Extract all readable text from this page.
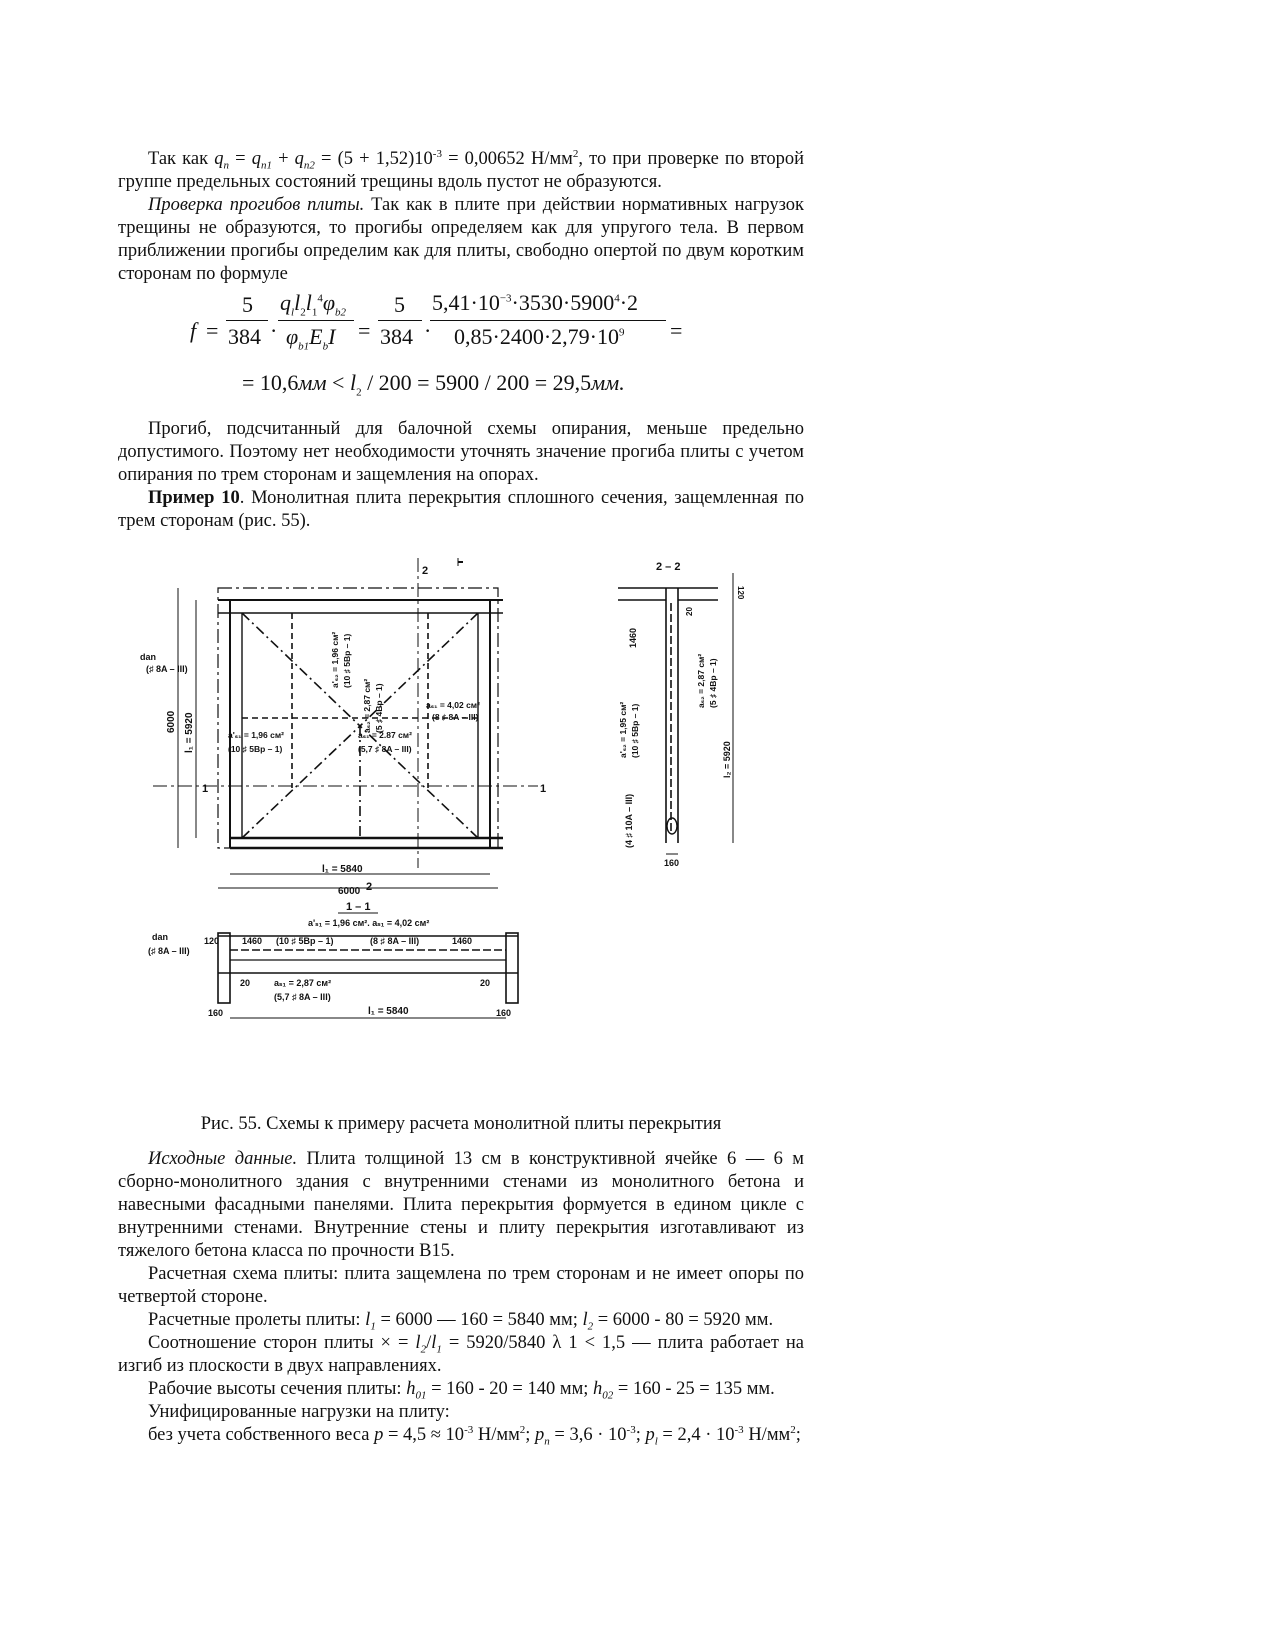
Так как $q_n = q_{n1} + q_{n2} = (5 + 1,52)10^{-3} = 0,00652$ $Н/мм^2$, то при проверке по второй группе предельных состояний трещины вдоль пустот не образуются.

Проверка прогибов плиты. Так как в плите при действии нормативных нагрузок трещины не образуются, то прогибы определяем как для упругого тела. В первом приближении прогибы определим как для плиты, свободно опертой по двум коротким сторонам по формуле

f =
5
384 ·
$q_ll_2l_1^4\varphi_{b2}$
$\varphi_{b1}E_bI$ =
5
384 ·
$5,41\cdot 10^{-3}\cdot 3530\cdot 5900^4\cdot 2$
$0,85\cdot 2400\cdot 2,79\cdot 10^9$ =
= $10,6мм < l_2 / 200 = 5900 / 200 = 29,5мм$.

Прогиб, подсчитанный для балочной схемы опирания, меньше предельно допустимого. Поэтому нет необходимости уточнять значение прогиба плиты с учетом опирания по трем сторонам и защемления на опорах.

Пример 10. Монолитная плита перекрытия сплошного сечения, защемленная по трем сторонам (рис. 55).

2
2
6000 l₁ = 5920
dan
(♯ 8A – III)	a'ₛ₂ = 1,96 см² (10 ♯ 5Bp – 1)
aₛ₂ = 2,87 см² (5 ♯ 4Bp – 1)	aₛ₁ = 4,02 см²
(8 ♯ 8A – III)
a'ₛ₁ = 1,96 см²
(10 ♯ 5Bp – 1)
aₛ₁ = 2.87 см²
(5,7 ♯ 8A – III)
1	1
l₁ = 5840
6000
1 – 1
a'ₛ₁ = 1,96 см². aₛ₁ = 4,02 см²
dan
(♯ 8A – III)
120	1460 (10 ♯ 5Bp – 1)	(8 ♯ 8A – III)	1460
20	20
aₛ₁ = 2,87 см²
(5,7 ♯ 8A – III)
l₁ = 5840
160	160
2 – 2
120
1460
20
a'ₛ₂ = 1,95 см² (10 ♯ 5Bp – 1)
aₛ₂ = 2,87 см² (5 ♯ 4Bp – 1)
l₂ = 5920
(4 ♯ 10A – III)
160
Рис. 55. Схемы к примеру расчета монолитной плиты перекрытия

Исходные данные. Плита толщиной 13 см в конструктивной ячейке 6 — 6 м сборно-монолитного здания с внутренними стенами из монолитного бетона и навесными фасадными панелями. Плита перекрытия формуется в едином цикле с внутренними стенами. Внутренние стены и плиту перекрытия изготавливают из тяжелого бетона класса по прочности В15.

Расчетная схема плиты: плита защемлена по трем сторонам и не имеет опоры по четвертой стороне.

Расчетные пролеты плиты: $l_1 = 6000$ — 160 = 5840 мм; $l_2 = 6000 - 80 = 5920$ мм.

Соотношение сторон плиты × = $l_2/l_1 = 5920/5840$ λ 1 < 1,5 — плита работает на изгиб из плоскости в двух направлениях.

Рабочие высоты сечения плиты: $h_{01} = 160 - 20 = 140$ мм; $h_{02} = 160 - 25 = 135$ мм.

Унифицированные нагрузки на плиту:

без учета собственного веса $p = 4,5 \approx 10^{-3}$ $Н/мм^2$; $p_n = 3,6 \cdot 10^{-3}$; $p_l = 2,4 \cdot 10^{-3}$ $Н/мм^2$;
